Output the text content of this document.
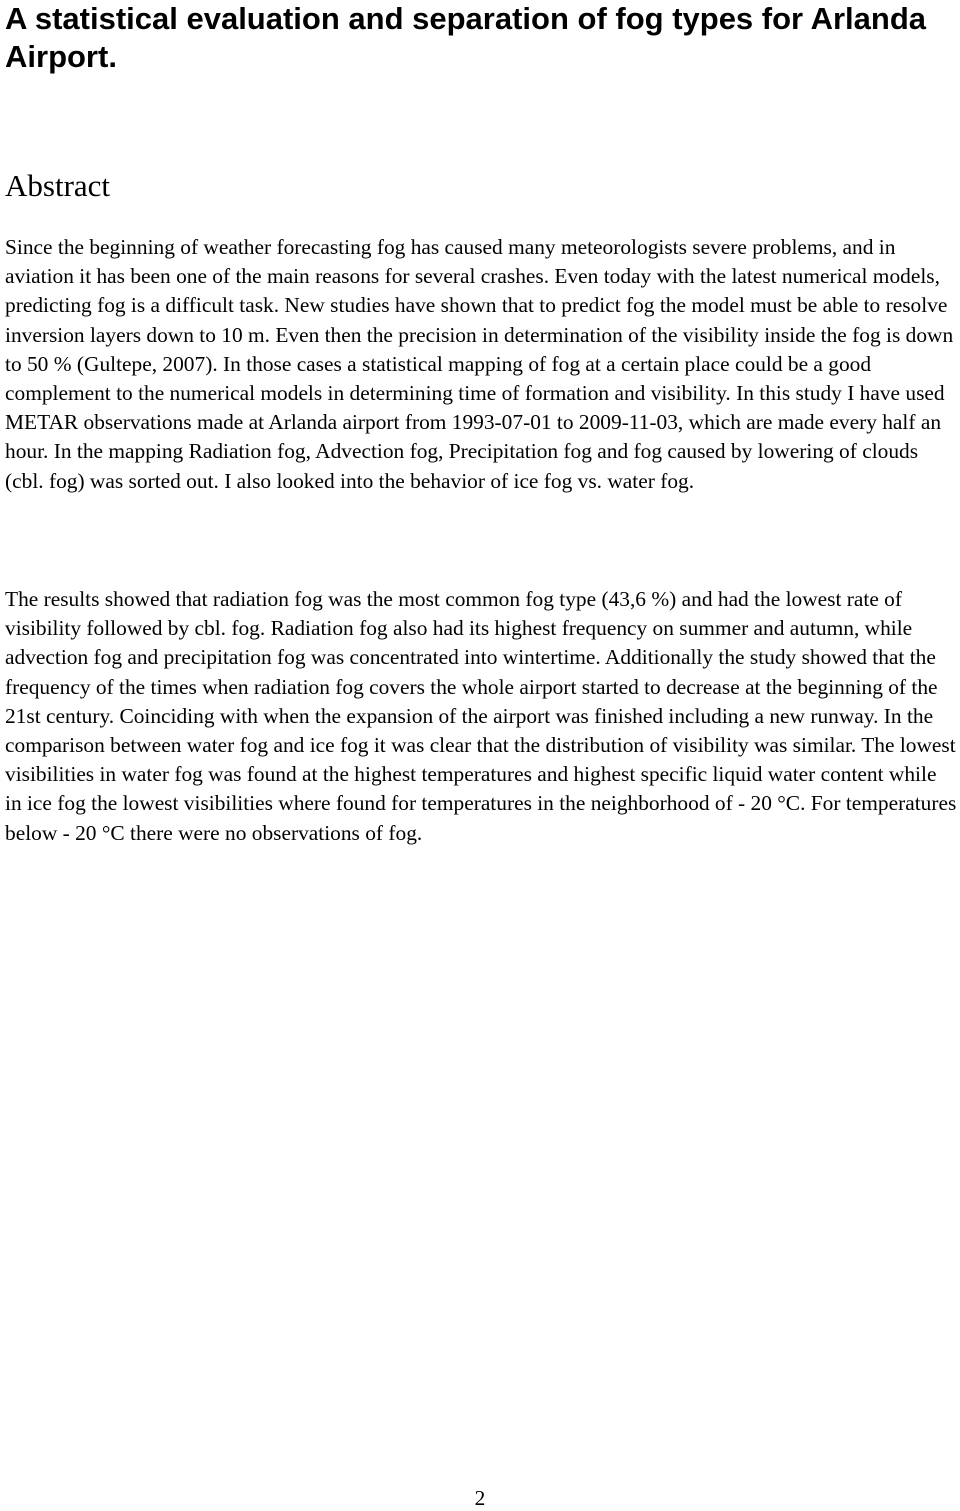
A statistical evaluation and separation of fog types for Arlanda Airport.
Abstract

Since the beginning of weather forecasting fog has caused many meteorologists severe problems, and in aviation it has been one of the main reasons for several crashes. Even today with the latest numerical models, predicting fog is a difficult task. New studies have shown that to predict fog the model must be able to resolve inversion layers down to 10 m. Even then the precision in determination of the visibility inside the fog is down to 50 % (Gultepe, 2007). In those cases a statistical mapping of fog at a certain place could be a good complement to the numerical models in determining time of formation and visibility. In this study I have used METAR observations made at Arlanda airport from 1993-07-01 to 2009-11-03, which are made every half an hour. In the mapping Radiation fog, Advection fog, Precipitation fog and fog caused by lowering of clouds (cbl. fog) was sorted out. I also looked into the behavior of ice fog vs. water fog.

The results showed that radiation fog was the most common fog type (43,6 %) and had the lowest rate of visibility followed by cbl. fog. Radiation fog also had its highest frequency on summer and autumn, while advection fog and precipitation fog was concentrated into wintertime. Additionally the study showed that the frequency of the times when radiation fog covers the whole airport started to decrease at the beginning of the 21st century. Coinciding with when the expansion of the airport was finished including a new runway. In the comparison between water fog and ice fog it was clear that the distribution of visibility was similar. The lowest visibilities in water fog was found at the highest temperatures and highest specific liquid water content while in ice fog the lowest visibilities where found for temperatures in the neighborhood of - 20 °C. For temperatures below - 20 °C there were no observations of fog.

2
